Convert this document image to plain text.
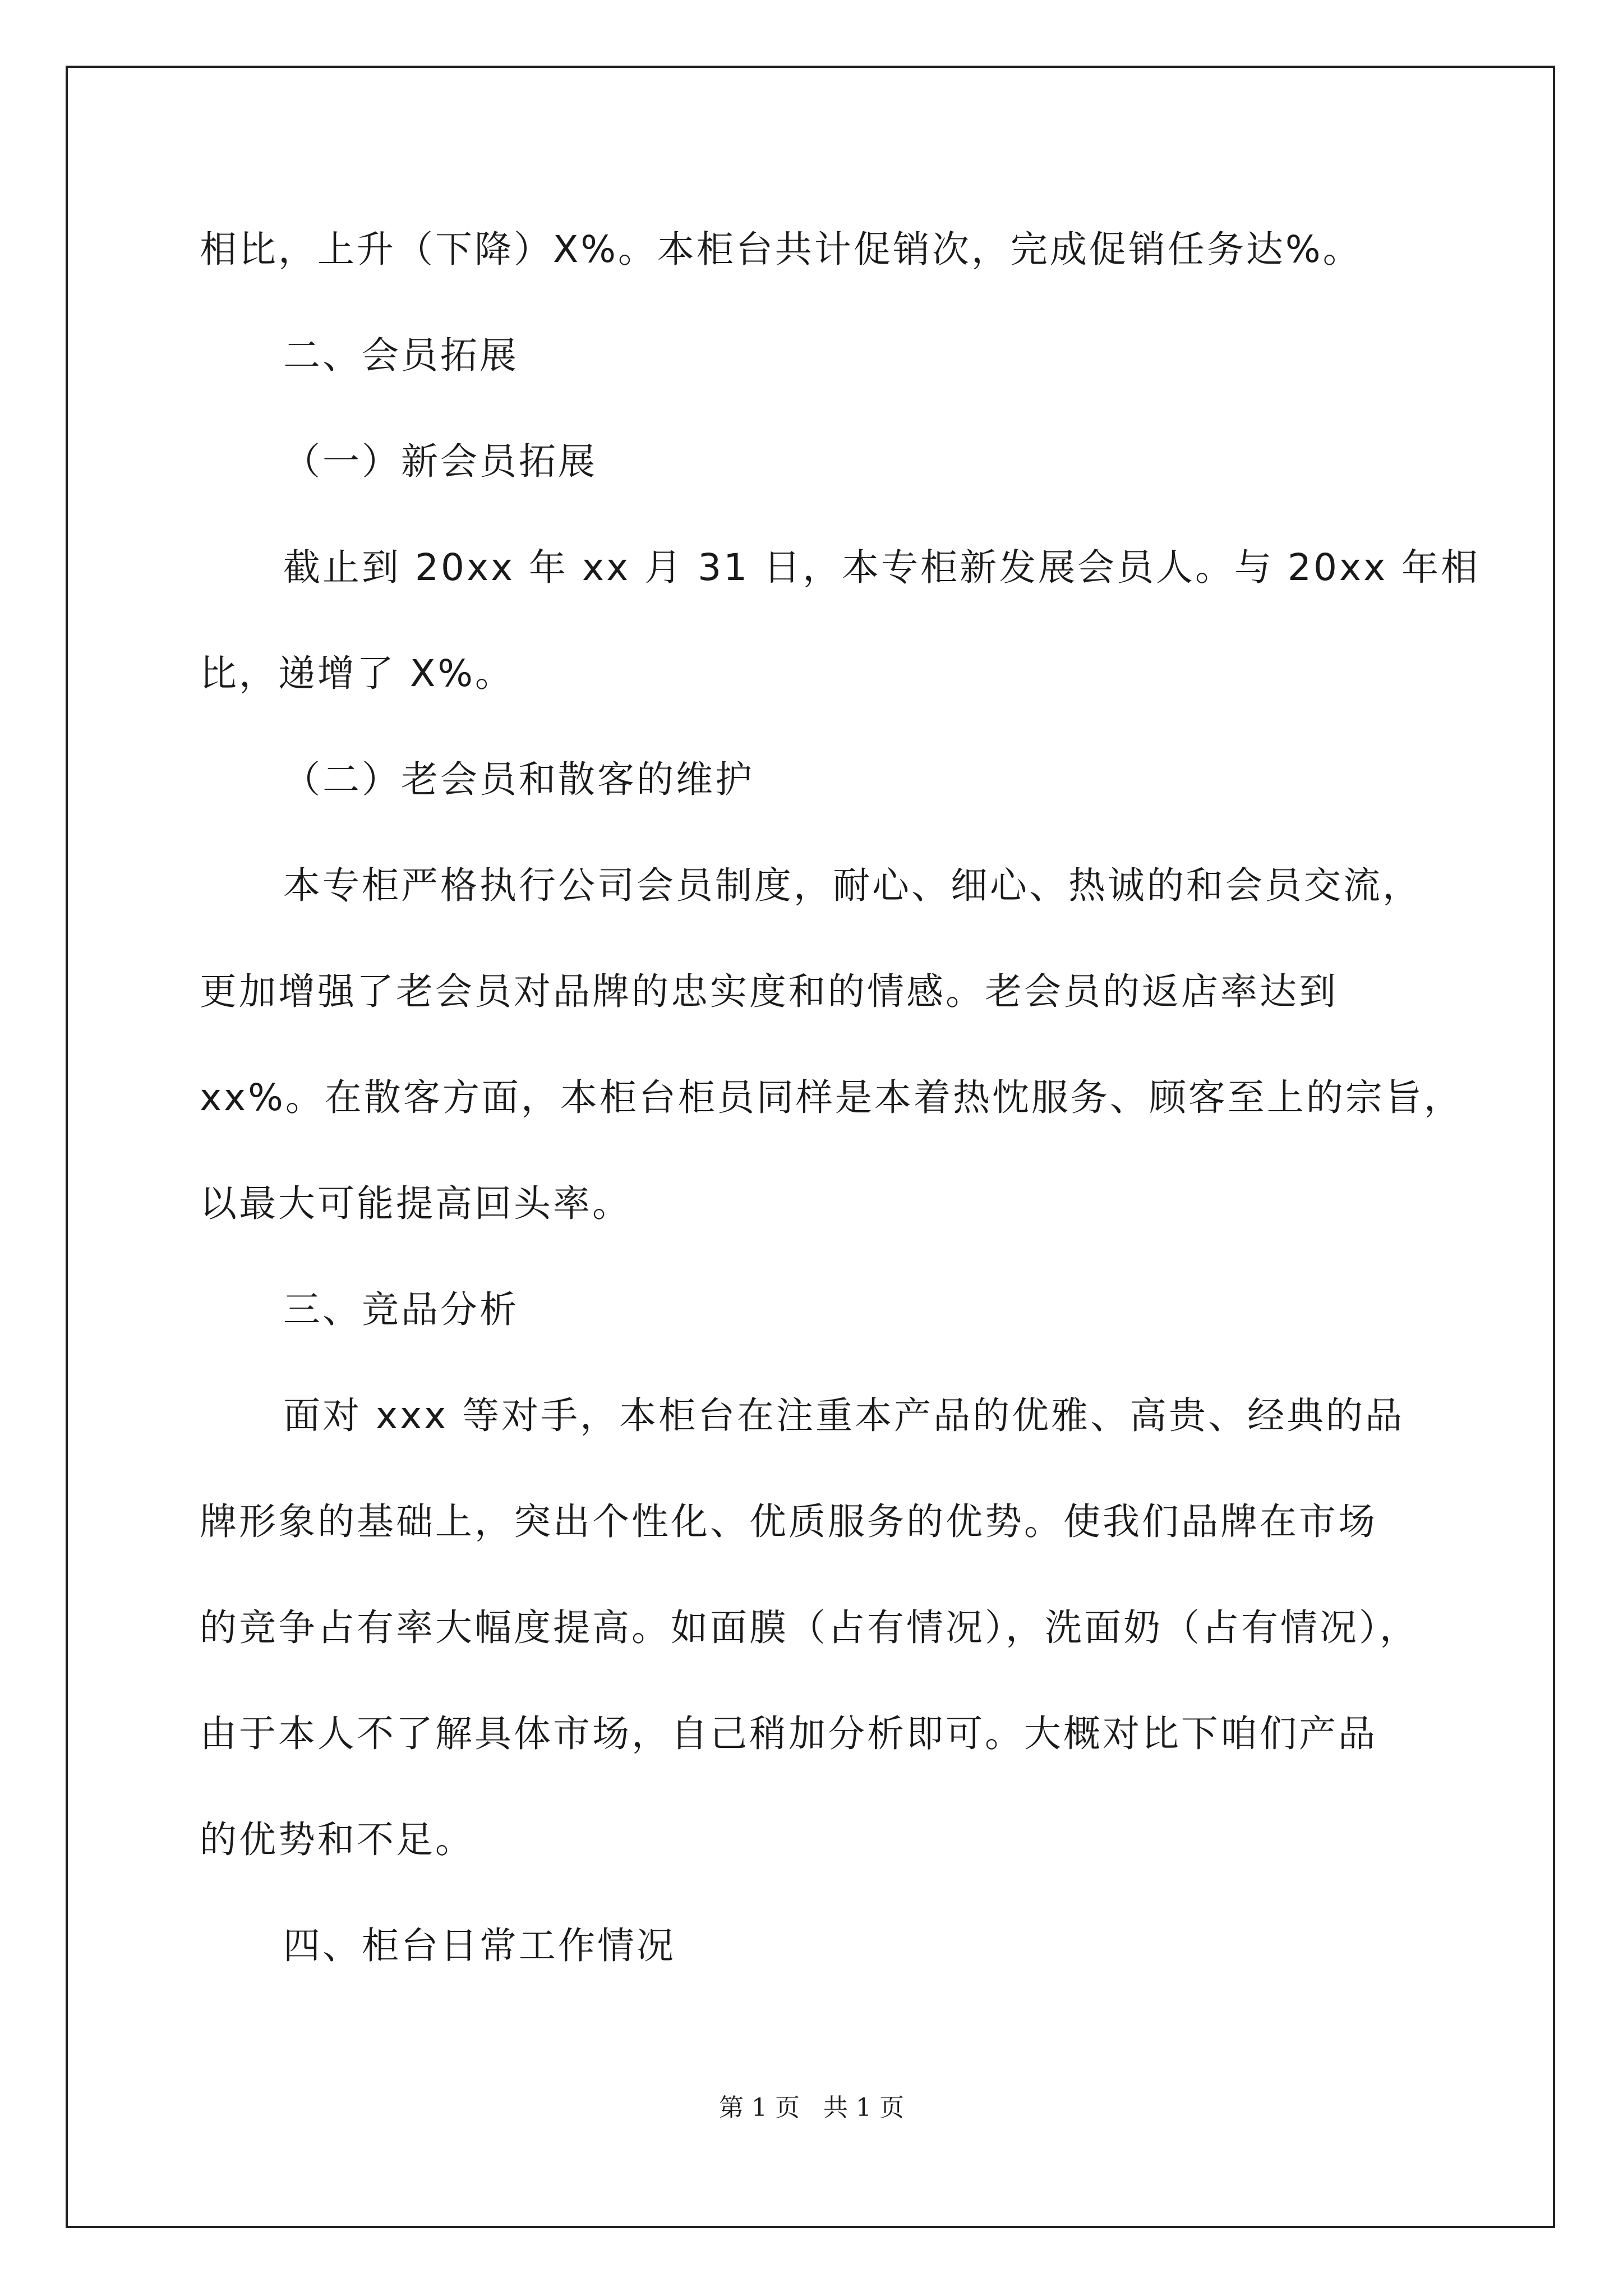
相比，上升（下降）X%。本柜台共计促销次，完成促销任务达%。
二、会员拓展
（一）新会员拓展
截止到 20xx 年 xx 月 31 日，本专柜新发展会员人。与 20xx 年相
比，递增了 X%。
（二）老会员和散客的维护
本专柜严格执行公司会员制度，耐心、细心、热诚的和会员交流，
更加增强了老会员对品牌的忠实度和的情感。老会员的返店率达到
xx%。在散客方面，本柜台柜员同样是本着热忱服务、顾客至上的宗旨，
以最大可能提高回头率。
三、竞品分析
面对 xxx 等对手，本柜台在注重本产品的优雅、高贵、经典的品
牌形象的基础上，突出个性化、优质服务的优势。使我们品牌在市场
的竞争占有率大幅度提高。如面膜（占有情况），洗面奶（占有情况），
由于本人不了解具体市场，自己稍加分析即可。大概对比下咱们产品
的优势和不足。
四、柜台日常工作情况
第 1 页   共 1 页
